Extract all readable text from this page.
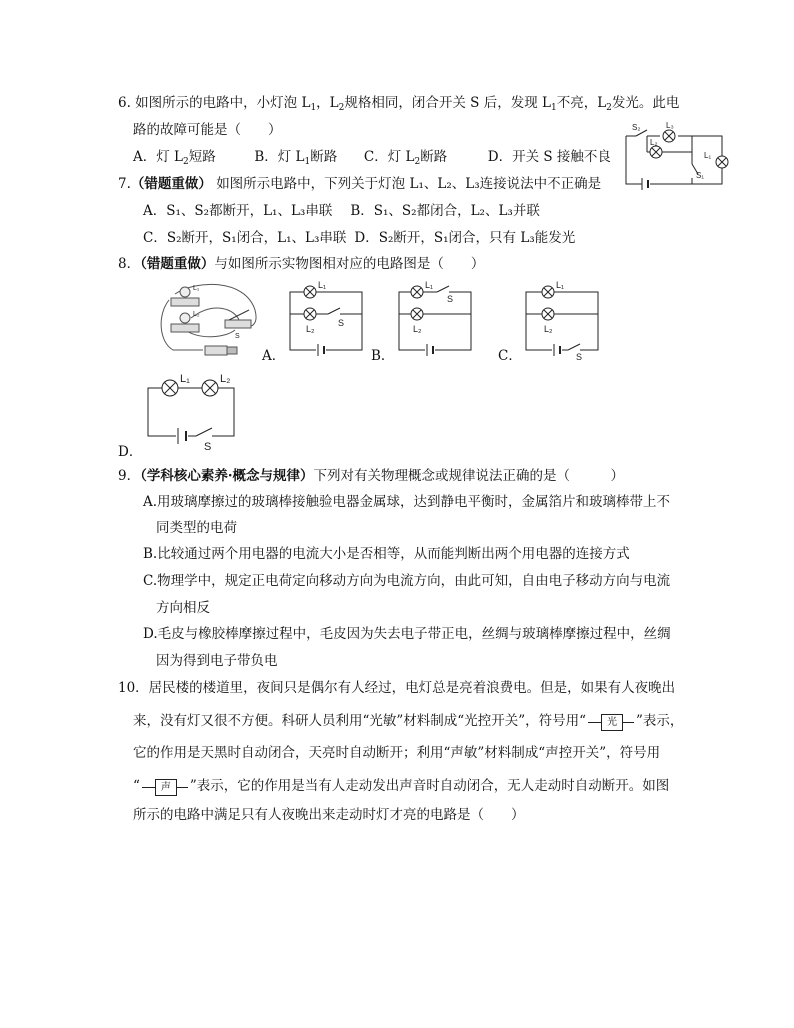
6. 如图所示的电路中，小灯泡 $L_1$，$L_2$规格相同，闭合开关 S 后，发现 $L_1$不亮，$L_2$发光。此电
路的故障可能是（　　）
A．灯 $L_2$短路	B．灯 $L_1$断路 C．灯 $L_2$断路	D．开关 S 接触不良
S₂	L₃
L₂
L₁
S₁
7.（错题重做） 如图所示电路中，下列关于灯泡 L₁、L₂、L₃连接说法中不正确是
A．S₁、S₂都断开，L₁、L₃串联 B．S₁、S₂都闭合，L₂、L₃并联
C．S₂断开，S₁闭合，L₁、L₃串联 D．S₂断开，S₁闭合，只有 L₃能发光
8．（错题重做）与如图所示实物图相对应的电路图是（　　）
L₁
L₂
S
L₁
L₂
S
A．
L₁
L₂
S
B．
L₁
L₂
S
C．
L₁	L₂
S
D．
9．（学科核心素养·概念与规律）下列对有关物理概念或规律说法正确的是（　　　）
A.用玻璃摩擦过的玻璃棒接触验电器金属球，达到静电平衡时，金属箔片和玻璃棒带上不
同类型的电荷
B.比较通过两个用电器的电流大小是否相等，从而能判断出两个用电器的连接方式
C.物理学中，规定正电荷定向移动方向为电流方向，由此可知，自由电子移动方向与电流
方向相反
D.毛皮与橡胶棒摩擦过程中，毛皮因为失去电子带正电，丝绸与玻璃棒摩擦过程中，丝绸
因为得到电子带负电
10．居民楼的楼道里，夜间只是偶尔有人经过，电灯总是亮着浪费电。但是，如果有人夜晚出
来，没有灯又很不方便。科研人员利用“光敏”材料制成“光控开关”，符号用“	光	”表示，
它的作用是天黑时自动闭合，天亮时自动断开；利用“声敏”材料制成“声控开关”，符号用
“	声	”表示，它的作用是当有人走动发出声音时自动闭合，无人走动时自动断开。如图
所示的电路中满足只有人夜晚出来走动时灯才亮的电路是（　　）
